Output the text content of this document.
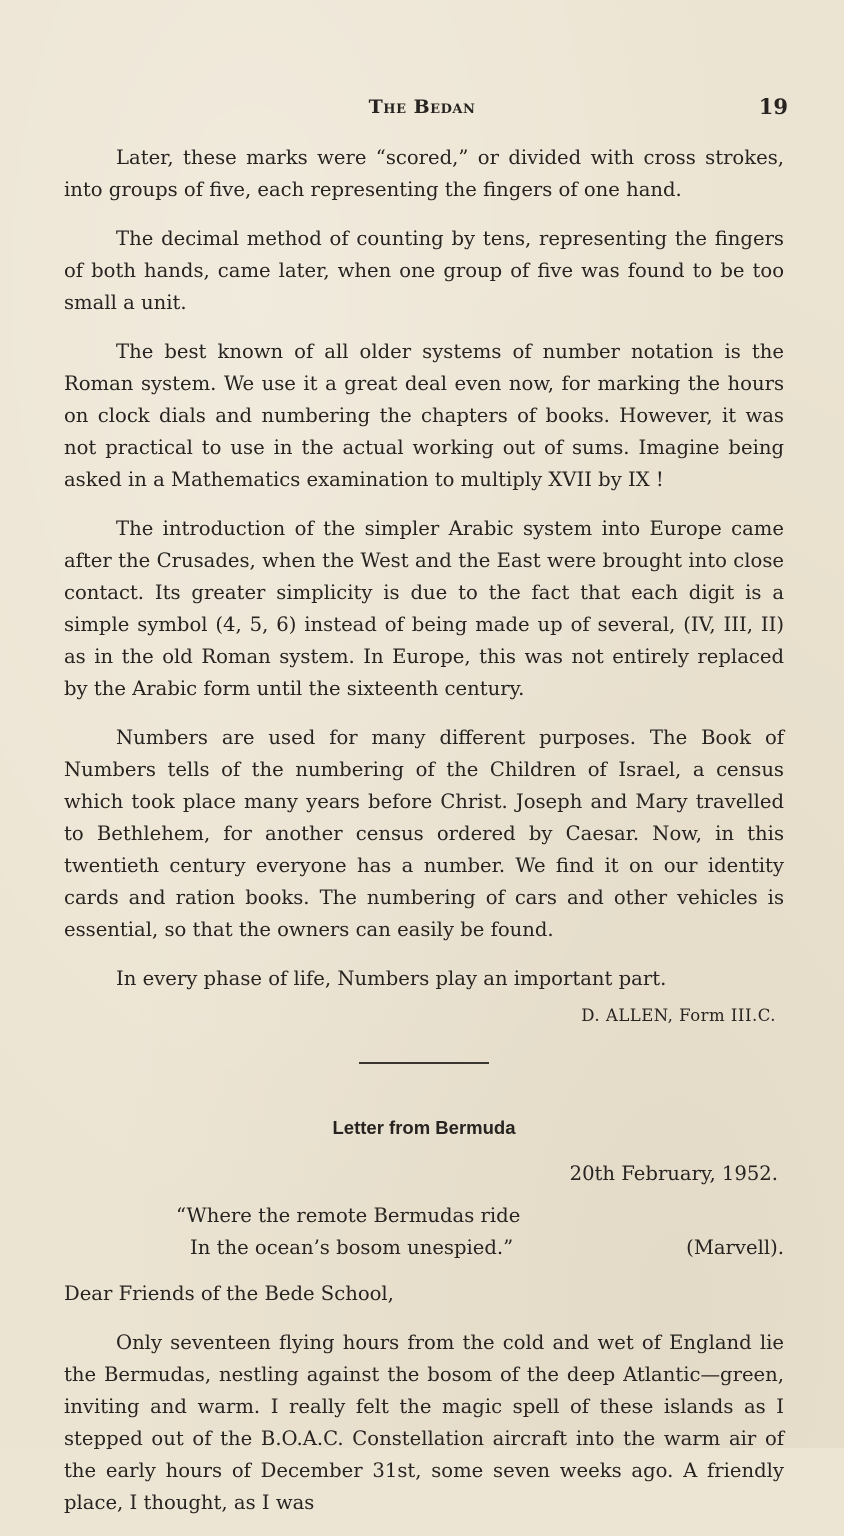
The Bedan	19

Later, these marks were “scored,” or divided with cross strokes, into groups of five, each representing the fingers of one hand.

The decimal method of counting by tens, representing the fingers of both hands, came later, when one group of five was found to be too small a unit.

The best known of all older systems of number notation is the Roman system. We use it a great deal even now, for marking the hours on clock dials and numbering the chapters of books. However, it was not practical to use in the actual working out of sums. Imagine being asked in a Mathematics examination to multiply XVII by IX !

The introduction of the simpler Arabic system into Europe came after the Crusades, when the West and the East were brought into close contact. Its greater simplicity is due to the fact that each digit is a simple symbol (4, 5, 6) instead of being made up of several, (IV, III, II) as in the old Roman system. In Europe, this was not entirely replaced by the Arabic form until the sixteenth century.

Numbers are used for many different purposes. The Book of Numbers tells of the numbering of the Children of Israel, a census which took place many years before Christ. Joseph and Mary travelled to Bethlehem, for another census ordered by Caesar. Now, in this twentieth century everyone has a number. We find it on our identity cards and ration books. The numbering of cars and other vehicles is essential, so that the owners can easily be found.

In every phase of life, Numbers play an important part.

D. ALLEN, Form III.C.
Letter from Bermuda
20th February, 1952.
“Where the remote Bermudas ride
In the ocean’s bosom unespied.”	(Marvell).

Dear Friends of the Bede School,

Only seventeen flying hours from the cold and wet of England lie the Bermudas, nestling against the bosom of the deep Atlantic—green, inviting and warm. I really felt the magic spell of these islands as I stepped out of the B.O.A.C. Constellation aircraft into the warm air of the early hours of December 31st, some seven weeks ago. A friendly place, I thought, as I was
